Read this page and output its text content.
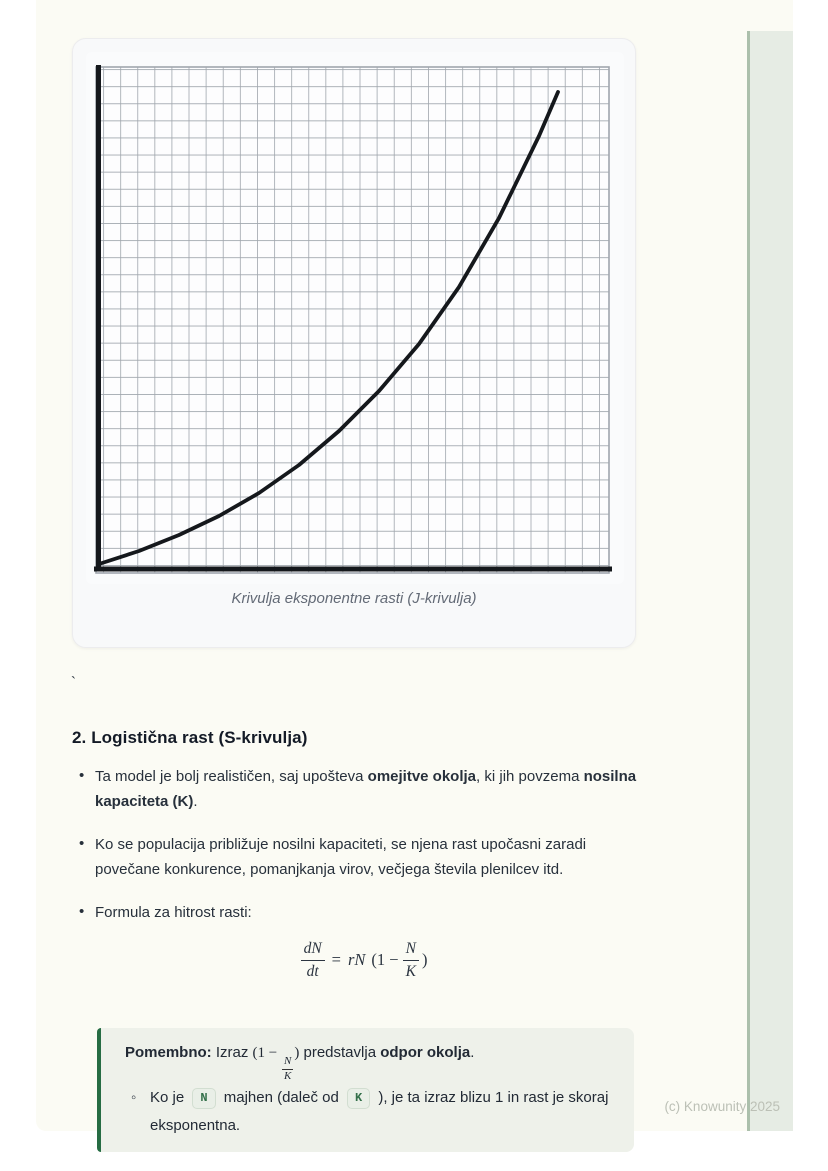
Krivulja eksponentne rasti (J-krivulja)
`
2. Logistična rast (S-krivulja)
• Ta model je bolj realističen, saj upošteva omejitve okolja, ki jih povzema nosilna kapaciteta (K).
• Ko se populacija približuje nosilni kapaciteti, se njena rast upočasni zaradi povečane konkurence, pomanjkanja virov, večjega števila plenilcev itd.
• Formula za hitrost rasti:
$\frac{dN}{dt}$ = rN ($1 - \frac{N}{K}$ )
Pomembno: Izraz (1 −
$\frac{N}{K}$
) predstavlja odpor okolja.
◦ Ko je N majhen (daleč od K ), je ta izraz blizu 1 in rast je skoraj eksponentna.
(c) Knowunity 2025
